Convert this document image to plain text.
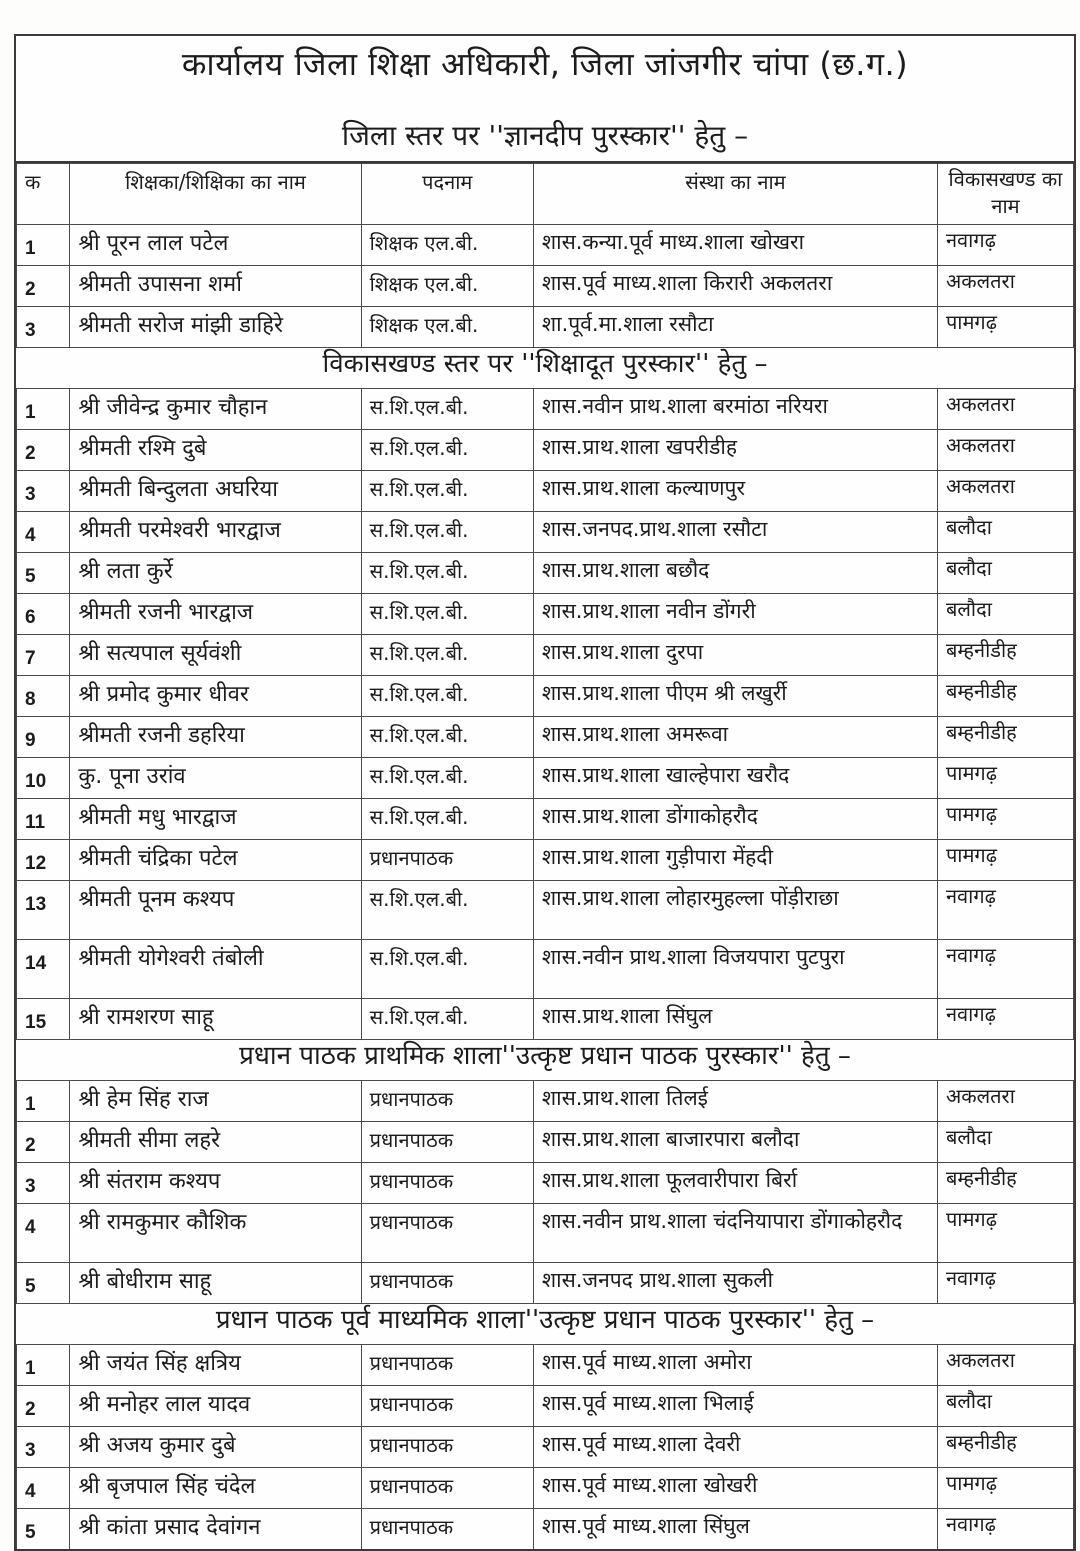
कार्यालय जिला शिक्षा अधिकारी, जिला जांजगीर चांपा (छ.ग.)
जिला स्तर पर ''ज्ञानदीप पुरस्कार'' हेतु –
क	शिक्षका/शिक्षिका का नाम	पदनाम	संस्था का नाम	विकासखण्ड का नाम
1	श्री पूरन लाल पटेल	शिक्षक एल.बी.	शास.कन्या.पूर्व माध्य.शाला खोखरा	नवागढ़
2	श्रीमती उपासना शर्मा	शिक्षक एल.बी.	शास.पूर्व माध्य.शाला किरारी अकलतरा	अकलतरा
3	श्रीमती सरोज मांझी डाहिरे	शिक्षक एल.बी.	शा.पूर्व.मा.शाला रसौटा	पामगढ़
विकासखण्ड स्तर पर ''शिक्षादूत पुरस्कार'' हेतु –				
1	श्री जीवेन्द्र कुमार चौहान	स.शि.एल.बी.	शास.नवीन प्राथ.शाला बरमांठा नरियरा	अकलतरा
2	श्रीमती रश्मि दुबे	स.शि.एल.बी.	शास.प्राथ.शाला खपरीडीह	अकलतरा
3	श्रीमती बिन्दुलता अघरिया	स.शि.एल.बी.	शास.प्राथ.शाला कल्याणपुर	अकलतरा
4	श्रीमती परमेश्वरी भारद्वाज	स.शि.एल.बी.	शास.जनपद.प्राथ.शाला रसौटा	बलौदा
5	श्री लता कुर्रे	स.शि.एल.बी.	शास.प्राथ.शाला बछौद	बलौदा
6	श्रीमती रजनी भारद्वाज	स.शि.एल.बी.	शास.प्राथ.शाला नवीन डोंगरी	बलौदा
7	श्री सत्यपाल सूर्यवंशी	स.शि.एल.बी.	शास.प्राथ.शाला दुरपा	बम्हनीडीह
8	श्री प्रमोद कुमार धीवर	स.शि.एल.बी.	शास.प्राथ.शाला पीएम श्री लखुर्री	बम्हनीडीह
9	श्रीमती रजनी डहरिया	स.शि.एल.बी.	शास.प्राथ.शाला अमरूवा	बम्हनीडीह
10	कु. पूना उरांव	स.शि.एल.बी.	शास.प्राथ.शाला खाल्हेपारा खरौद	पामगढ़
11	श्रीमती मधु भारद्वाज	स.शि.एल.बी.	शास.प्राथ.शाला डोंगाकोहरौद	पामगढ़
12	श्रीमती चंद्रिका पटेल	प्रधानपाठक	शास.प्राथ.शाला गुड़ीपारा मेंहदी	पामगढ़
13	श्रीमती पूनम कश्यप	स.शि.एल.बी.	शास.प्राथ.शाला लोहारमुहल्ला पोंड़ीराछा	नवागढ़
14	श्रीमती योगेश्वरी तंबोली	स.शि.एल.बी.	शास.नवीन प्राथ.शाला विजयपारा पुटपुरा	नवागढ़
15	श्री रामशरण साहू	स.शि.एल.बी.	शास.प्राथ.शाला सिंघुल	नवागढ़
प्रधान पाठक प्राथमिक शाला''उत्कृष्ट प्रधान पाठक पुरस्कार'' हेतु –				
1	श्री हेम सिंह राज	प्रधानपाठक	शास.प्राथ.शाला तिलई	अकलतरा
2	श्रीमती सीमा लहरे	प्रधानपाठक	शास.प्राथ.शाला बाजारपारा बलौदा	बलौदा
3	श्री संतराम कश्यप	प्रधानपाठक	शास.प्राथ.शाला फूलवारीपारा बिर्रा	बम्हनीडीह
4	श्री रामकुमार कौशिक	प्रधानपाठक	शास.नवीन प्राथ.शाला चंदनियापारा डोंगाकोहरौद	पामगढ़
5	श्री बोधीराम साहू	प्रधानपाठक	शास.जनपद प्राथ.शाला सुकली	नवागढ़
प्रधान पाठक पूर्व माध्यमिक शाला''उत्कृष्ट प्रधान पाठक पुरस्कार'' हेतु –				
1	श्री जयंत सिंह क्षत्रिय	प्रधानपाठक	शास.पूर्व माध्य.शाला अमोरा	अकलतरा
2	श्री मनोहर लाल यादव	प्रधानपाठक	शास.पूर्व माध्य.शाला भिलाई	बलौदा
3	श्री अजय कुमार दुबे	प्रधानपाठक	शास.पूर्व माध्य.शाला देवरी	बम्हनीडीह
4	श्री बृजपाल सिंह चंदेल	प्रधानपाठक	शास.पूर्व माध्य.शाला खोखरी	पामगढ़
5	श्री कांता प्रसाद देवांगन	प्रधानपाठक	शास.पूर्व माध्य.शाला सिंघुल	नवागढ़
